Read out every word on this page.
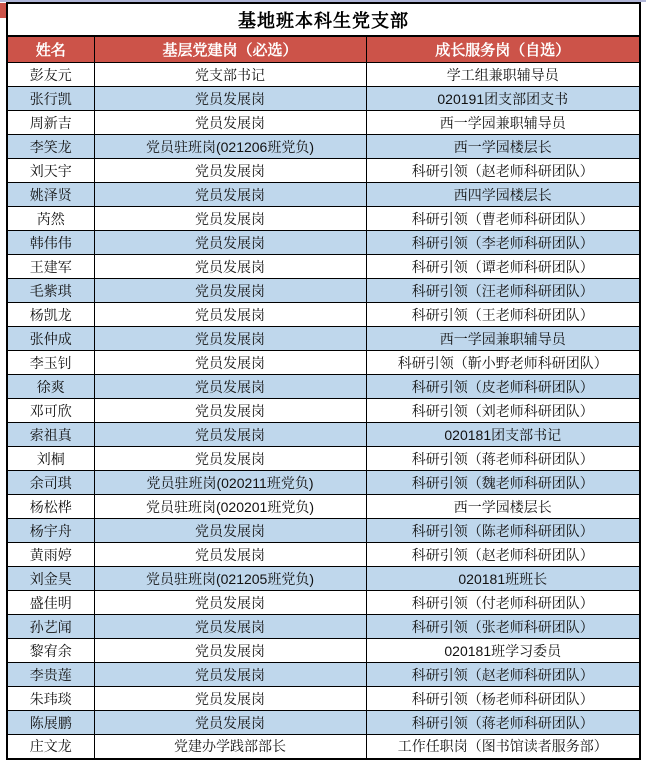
基地班本科生党支部		
姓名	基层党建岗（必选）	成长服务岗（自选）
彭友元	党支部书记	学工组兼职辅导员
张行凯	党员发展岗	020191团支部团支书
周新吉	党员发展岗	西一学园兼职辅导员
李笑龙	党员驻班岗(021206班党负)	西一学园楼层长
刘天宇	党员发展岗	科研引领（赵老师科研团队）
姚泽贤	党员发展岗	西四学园楼层长
芮然	党员发展岗	科研引领（曹老师科研团队）
韩伟伟	党员发展岗	科研引领（李老师科研团队）
王建军	党员发展岗	科研引领（谭老师科研团队）
毛紫琪	党员发展岗	科研引领（汪老师科研团队）
杨凯龙	党员发展岗	科研引领（王老师科研团队）
张仲成	党员发展岗	西一学园兼职辅导员
李玉钊	党员发展岗	科研引领（靳小野老师科研团队）
徐爽	党员发展岗	科研引领（皮老师科研团队）
邓可欣	党员发展岗	科研引领（刘老师科研团队）
索祖真	党员发展岗	020181团支部书记
刘桐	党员发展岗	科研引领（蒋老师科研团队）
余司琪	党员驻班岗(020211班党负)	科研引领（魏老师科研团队）
杨松桦	党员驻班岗(020201班党负)	西一学园楼层长
杨宇舟	党员发展岗	科研引领（陈老师科研团队）
黄雨婷	党员发展岗	科研引领（赵老师科研团队）
刘金昊	党员驻班岗(021205班党负)	020181班班长
盛佳明	党员发展岗	科研引领（付老师科研团队）
孙艺闻	党员发展岗	科研引领（张老师科研团队）
黎宥余	党员发展岗	020181班学习委员
李贵莲	党员发展岗	科研引领（赵老师科研团队）
朱玮琰	党员发展岗	科研引领（杨老师科研团队）
陈展鹏	党员发展岗	科研引领（蒋老师科研团队）
庄文龙	党建办学践部部长	工作任职岗（图书馆读者服务部）
